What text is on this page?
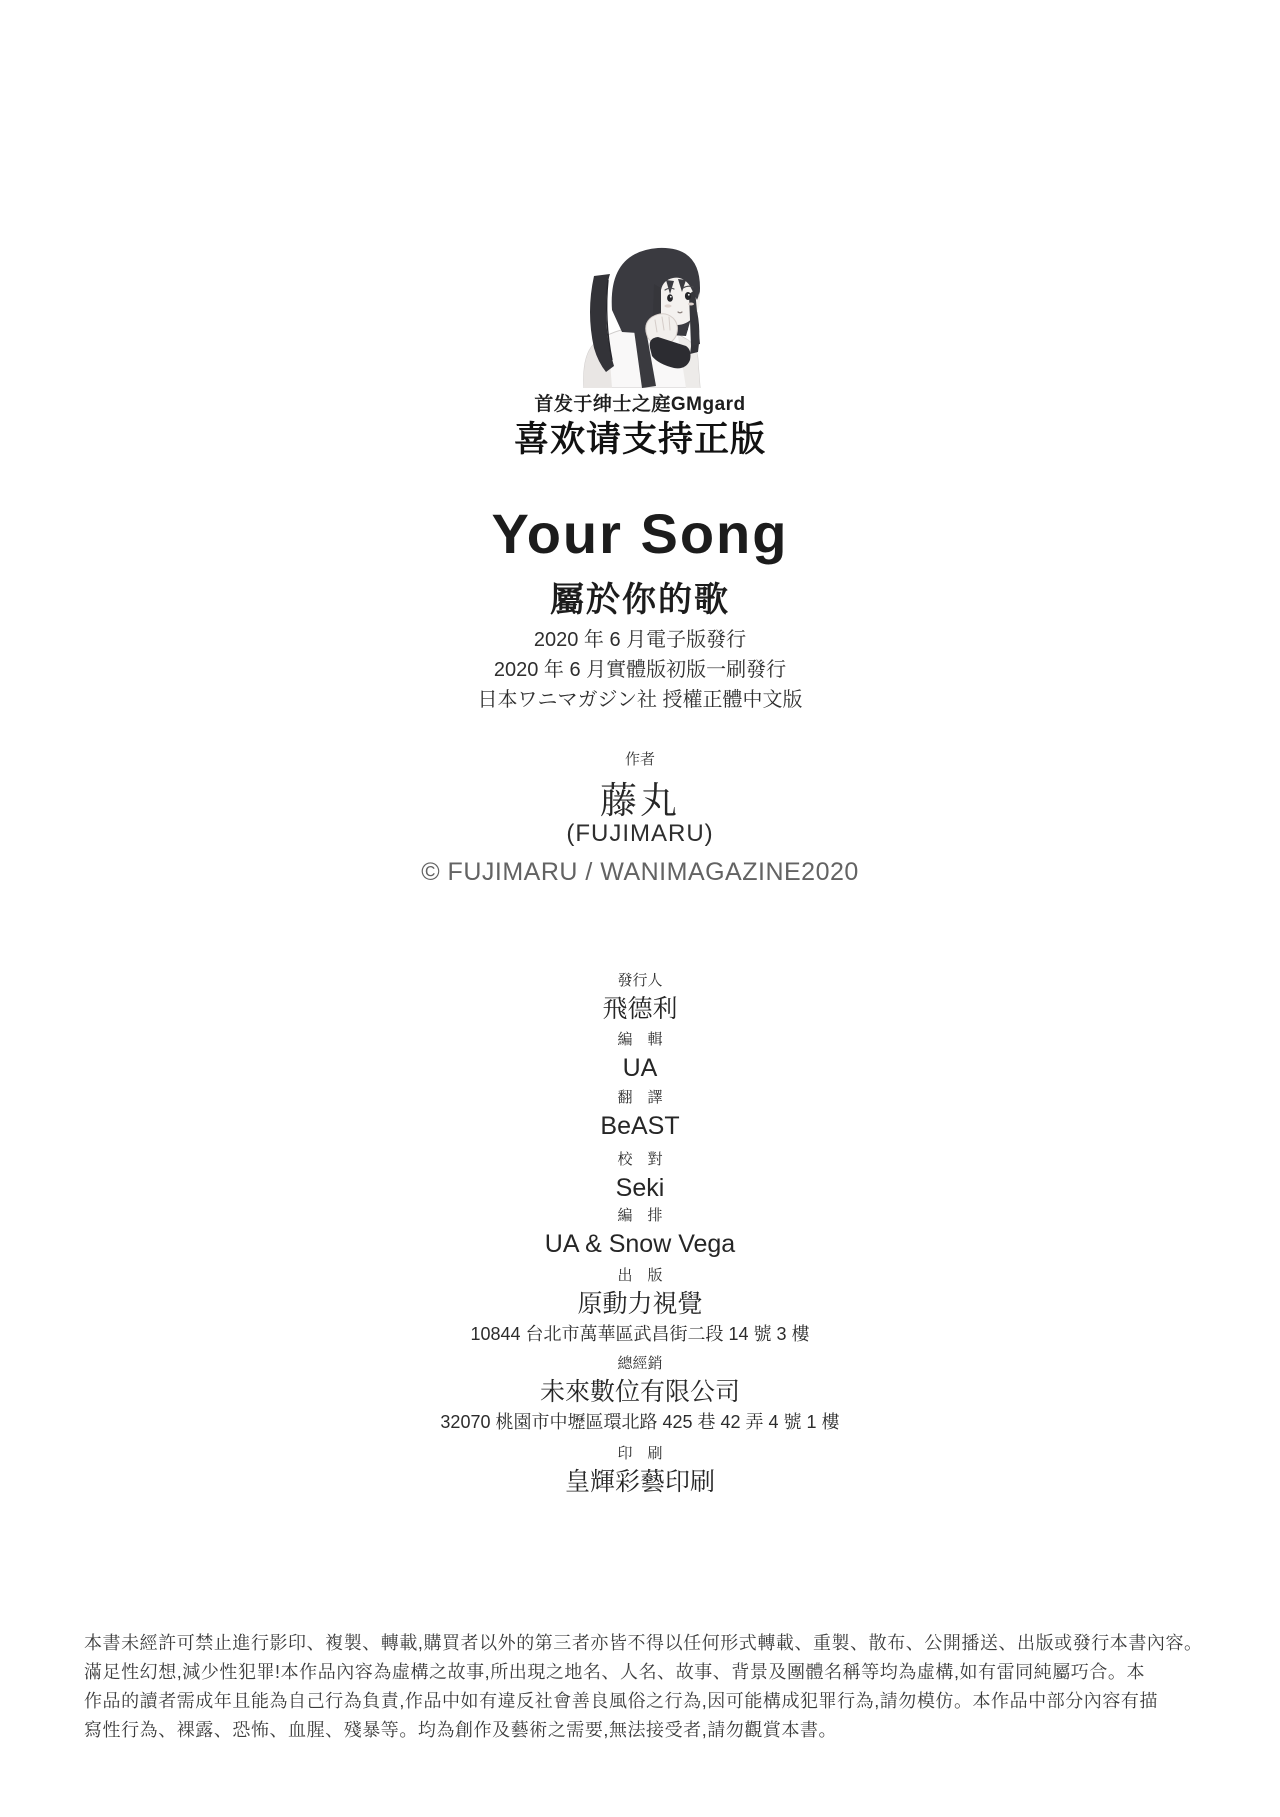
首发于绅士之庭GMgard
喜欢请支持正版
Your Song
屬於你的歌
2020 年 6 月電子版發行
2020 年 6 月實體版初版一刷發行
日本ワニマガジン社 授權正體中文版
作者
藤丸
(FUJIMARU)
© FUJIMARU / WANIMAGAZINE2020
發行人
飛德利
編　輯
UA
翻　譯
BeAST
校　對
Seki
編　排
UA & Snow Vega
出　版
原動力視覺
10844 台北市萬華區武昌街二段 14 號 3 樓
總經銷
未來數位有限公司
32070 桃園市中壢區環北路 425 巷 42 弄 4 號 1 樓
印　刷
皇輝彩藝印刷
本書未經許可禁止進行影印、複製、轉載,購買者以外的第三者亦皆不得以任何形式轉載、重製、散布、公開播送、出版或發行本書內容。
滿足性幻想,減少性犯罪!本作品內容為虛構之故事,所出現之地名、人名、故事、背景及團體名稱等均為虛構,如有雷同純屬巧合。本
作品的讀者需成年且能為自己行為負責,作品中如有違反社會善良風俗之行為,因可能構成犯罪行為,請勿模仿。本作品中部分內容有描
寫性行為、裸露、恐怖、血腥、殘暴等。均為創作及藝術之需要,無法接受者,請勿觀賞本書。
